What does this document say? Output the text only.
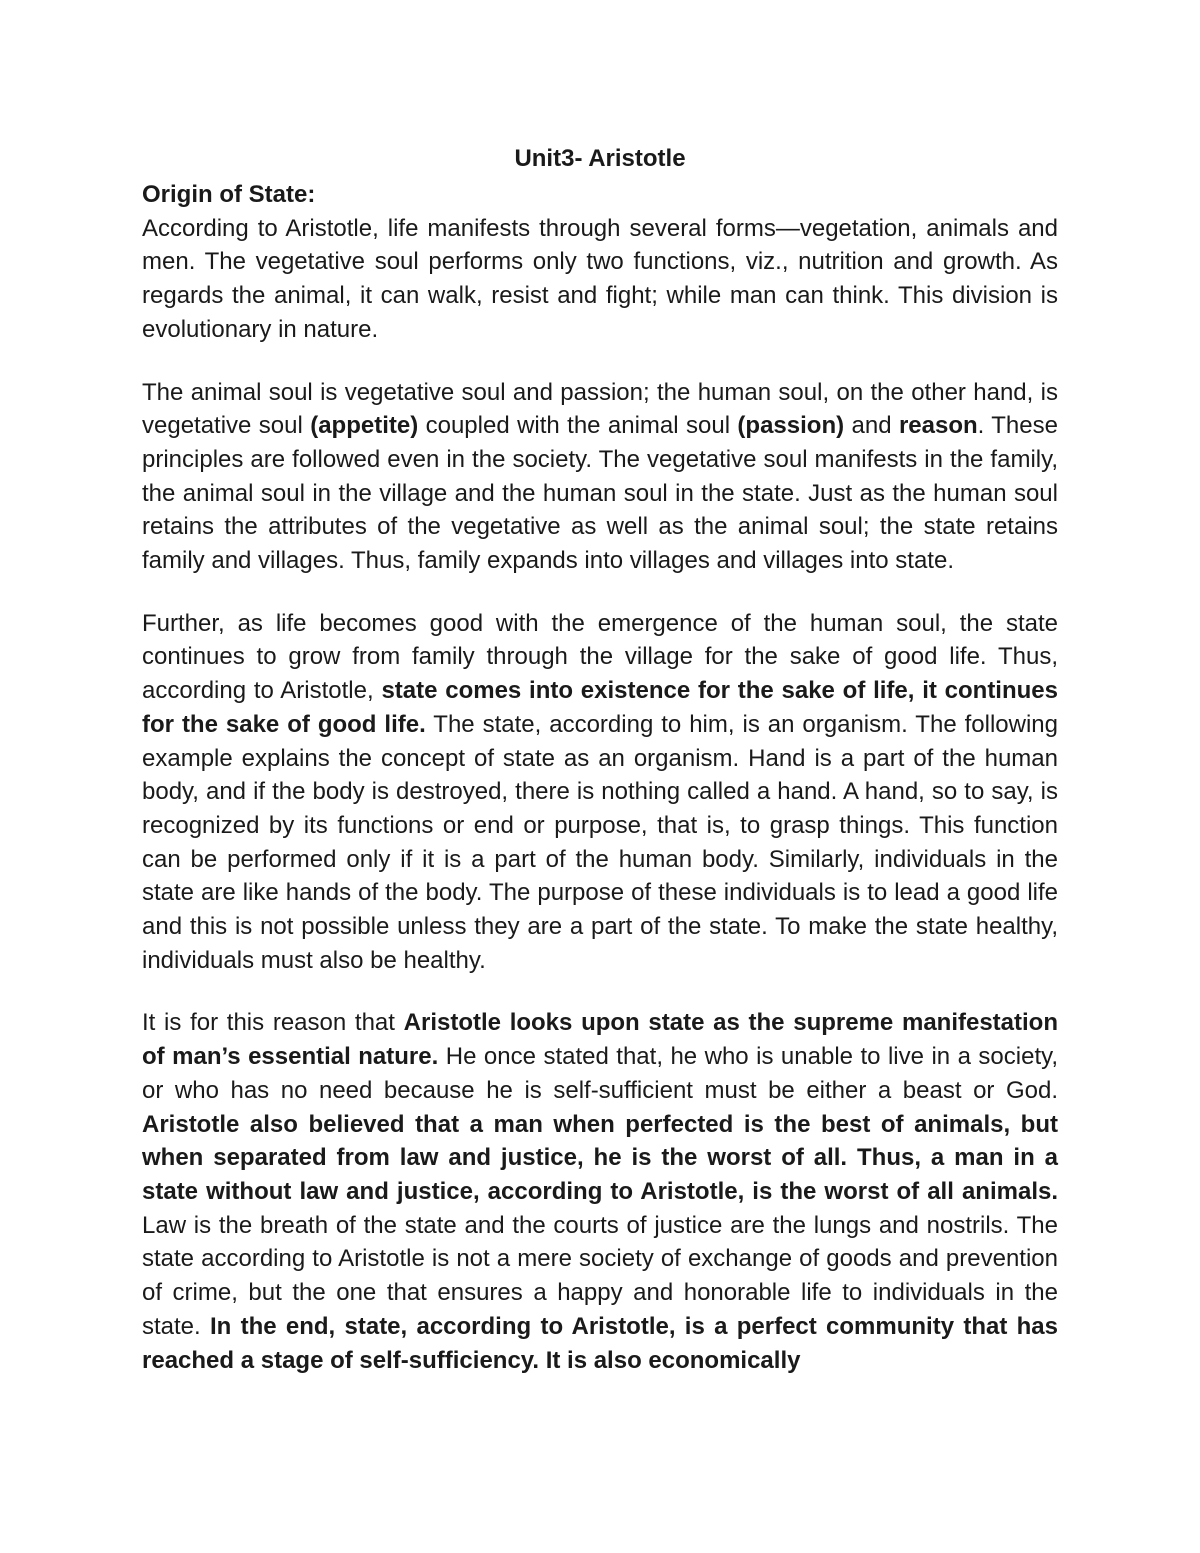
Unit3- Aristotle
Origin of State:

According to Aristotle, life manifests through several forms—vegetation, animals and men. The vegetative soul performs only two functions, viz., nutrition and growth. As regards the animal, it can walk, resist and fight; while man can think. This division is evolutionary in nature.

The animal soul is vegetative soul and passion; the human soul, on the other hand, is vegetative soul (appetite) coupled with the animal soul (passion) and reason. These principles are followed even in the society. The vegetative soul manifests in the family, the animal soul in the village and the human soul in the state. Just as the human soul retains the attributes of the vegetative as well as the animal soul; the state retains family and villages. Thus, family expands into villages and villages into state.

Further, as life becomes good with the emergence of the human soul, the state continues to grow from family through the village for the sake of good life. Thus, according to Aristotle, state comes into existence for the sake of life, it continues for the sake of good life. The state, according to him, is an organism. The following example explains the concept of state as an organism. Hand is a part of the human body, and if the body is destroyed, there is nothing called a hand. A hand, so to say, is recognized by its functions or end or purpose, that is, to grasp things. This function can be performed only if it is a part of the human body. Similarly, individuals in the state are like hands of the body. The purpose of these individuals is to lead a good life and this is not possible unless they are a part of the state. To make the state healthy, individuals must also be healthy.

It is for this reason that Aristotle looks upon state as the supreme manifestation of man’s essential nature. He once stated that, he who is unable to live in a society, or who has no need because he is self-sufficient must be either a beast or God. Aristotle also believed that a man when perfected is the best of animals, but when separated from law and justice, he is the worst of all. Thus, a man in a state without law and justice, according to Aristotle, is the worst of all animals. Law is the breath of the state and the courts of justice are the lungs and nostrils. The state according to Aristotle is not a mere society of exchange of goods and prevention of crime, but the one that ensures a happy and honorable life to individuals in the state. In the end, state, according to Aristotle, is a perfect community that has reached a stage of self-sufficiency. It is also economically
